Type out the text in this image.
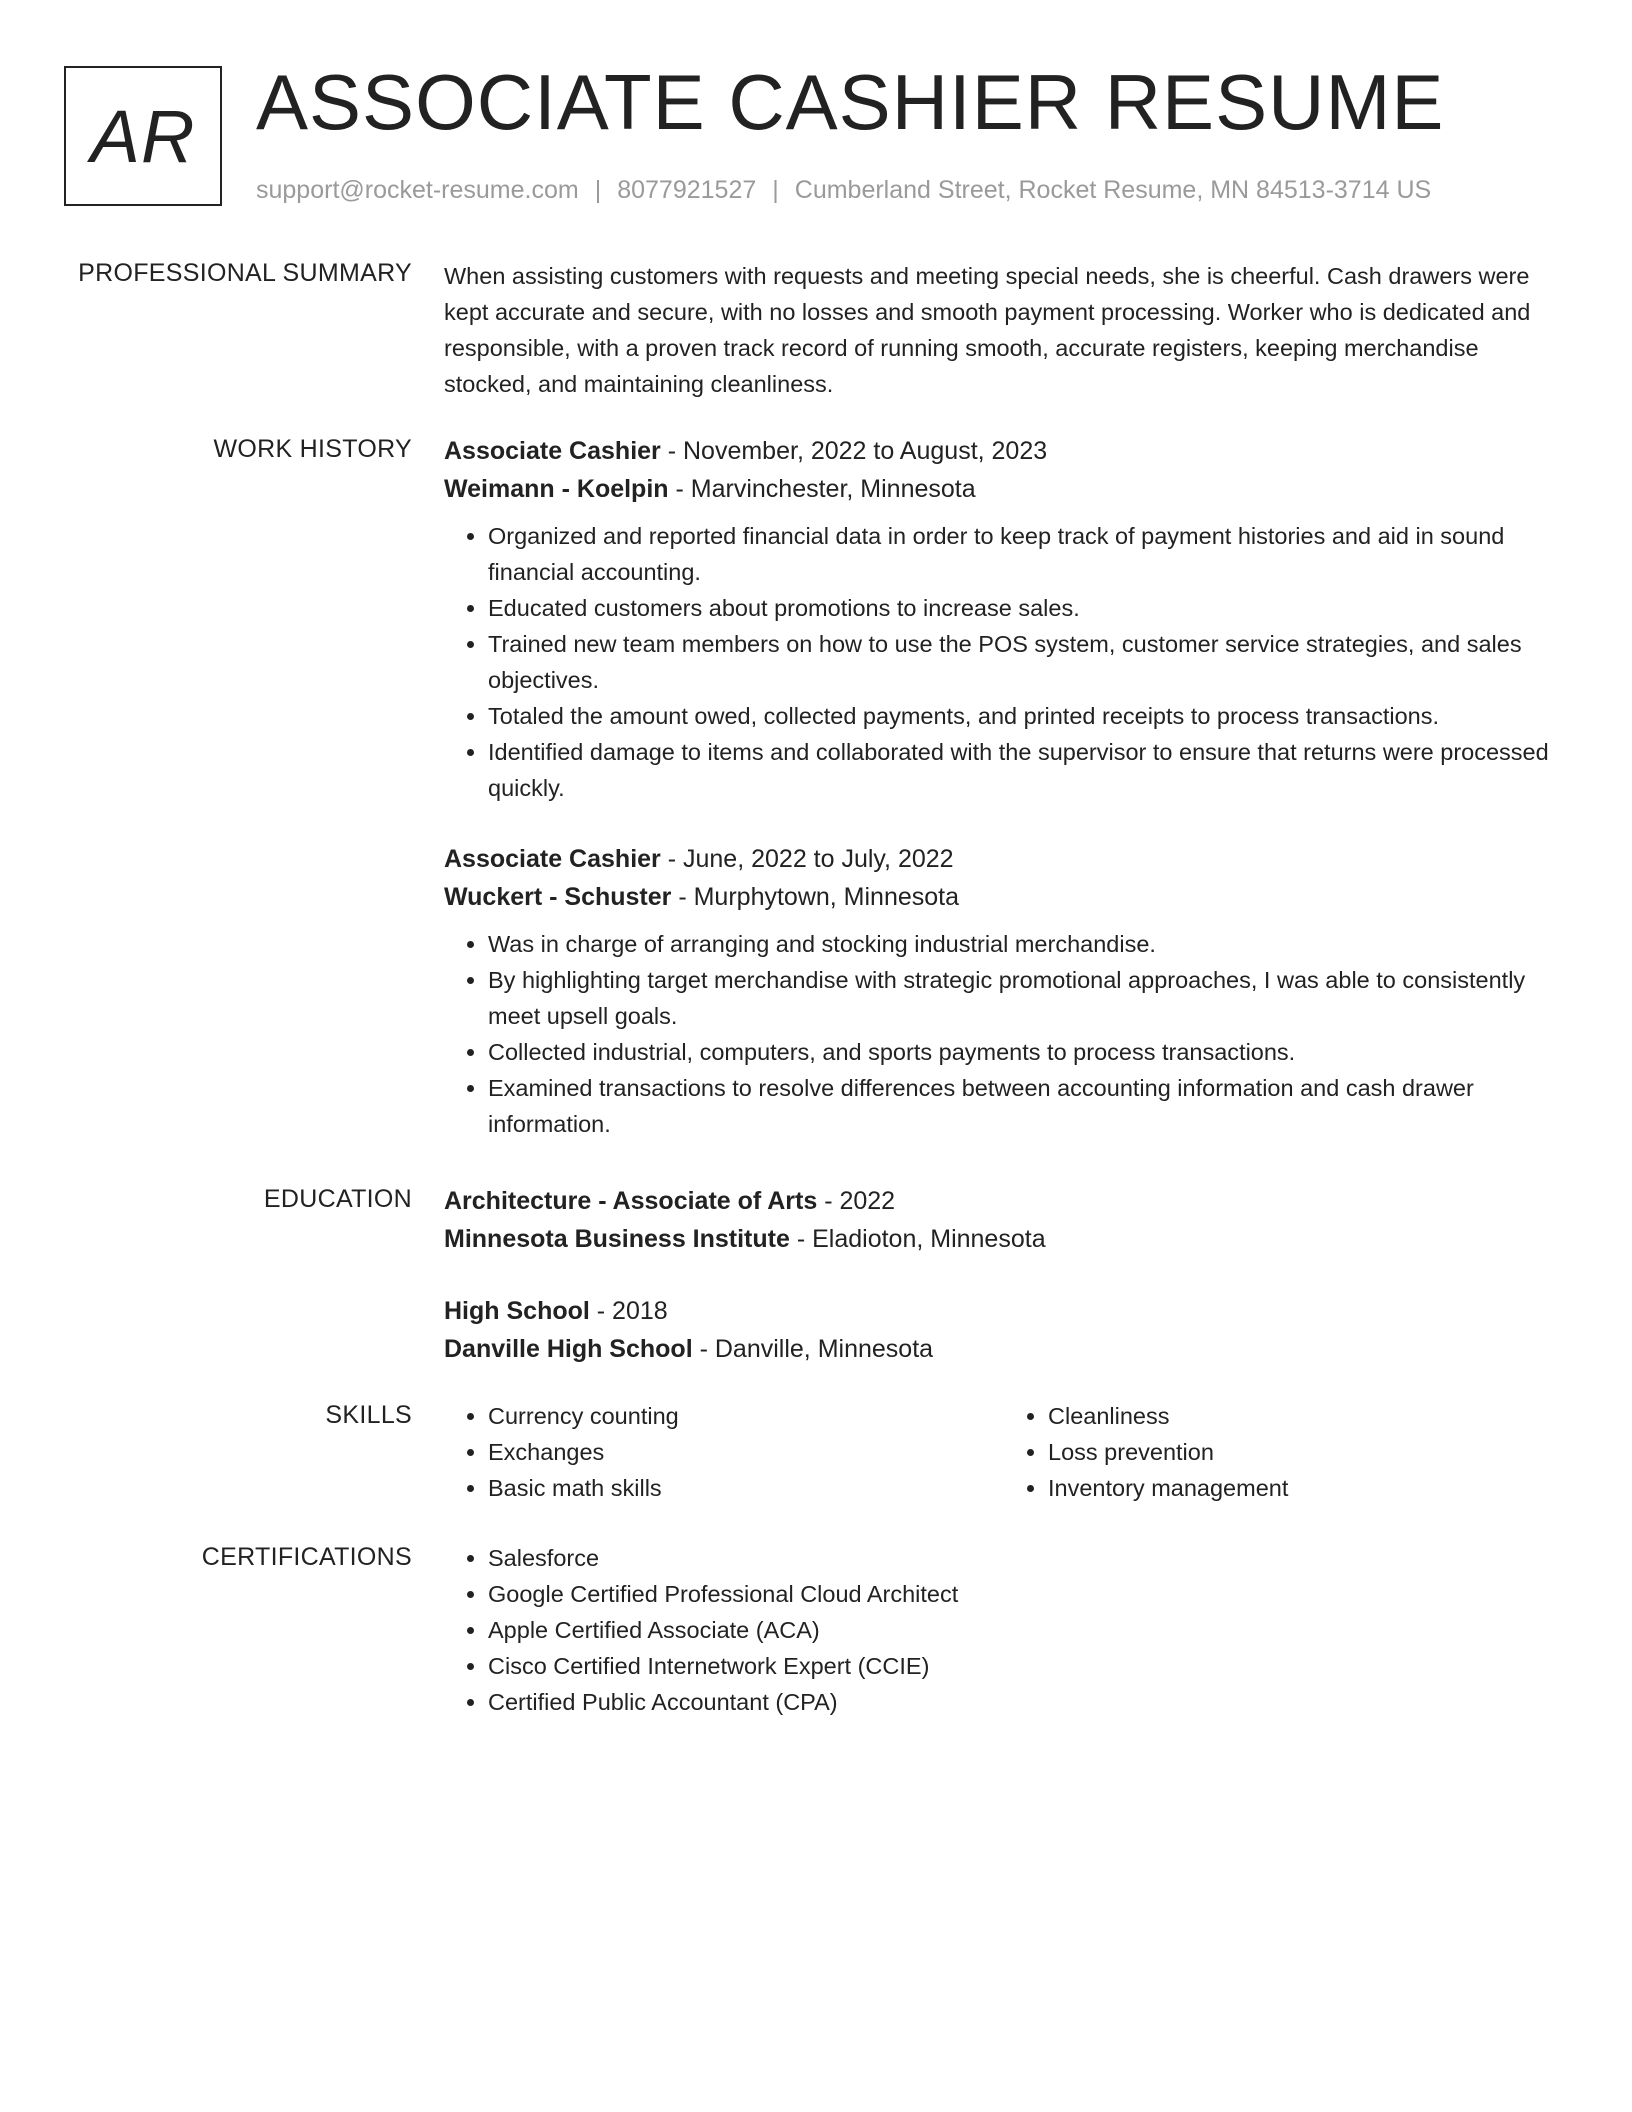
AR ASSOCIATE CASHIER RESUME
support@rocket-resume.com | 8077921527 | Cumberland Street, Rocket Resume, MN 84513-3714 US
PROFESSIONAL SUMMARY When assisting customers with requests and meeting special needs, she is cheerful. Cash drawers were kept accurate and secure, with no losses and smooth payment processing. Worker who is dedicated and responsible, with a proven track record of running smooth, accurate registers, keeping merchandise stocked, and maintaining cleanliness.

WORK HISTORY Associate Cashier - November, 2022 to August, 2023
Weimann - Koelpin - Marvinchester, Minnesota
• Organized and reported financial data in order to keep track of payment histories and aid in sound financial accounting.
• Educated customers about promotions to increase sales.
• Trained new team members on how to use the POS system, customer service strategies, and sales objectives.
• Totaled the amount owed, collected payments, and printed receipts to process transactions.
• Identified damage to items and collaborated with the supervisor to ensure that returns were processed quickly.
Associate Cashier - June, 2022 to July, 2022
Wuckert - Schuster - Murphytown, Minnesota
• Was in charge of arranging and stocking industrial merchandise.
• By highlighting target merchandise with strategic promotional approaches, I was able to consistently meet upsell goals.
• Collected industrial, computers, and sports payments to process transactions.
• Examined transactions to resolve differences between accounting information and cash drawer information.
EDUCATION Architecture - Associate of Arts - 2022
Minnesota Business Institute - Eladioton, Minnesota
High School - 2018
Danville High School - Danville, Minnesota
SKILLS	• Currency counting
• Exchanges
• Basic math skills
• Cleanliness
• Loss prevention
• Inventory management
CERTIFICATIONS	• Salesforce
• Google Certified Professional Cloud Architect
• Apple Certified Associate (ACA)
• Cisco Certified Internetwork Expert (CCIE)
• Certified Public Accountant (CPA)
